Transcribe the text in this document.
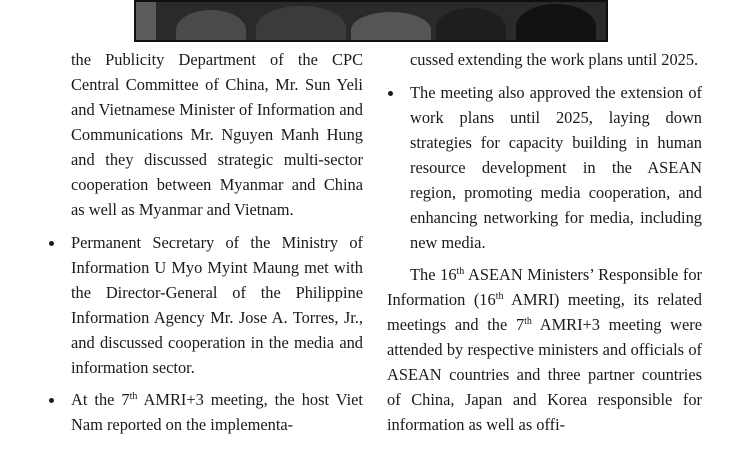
the Publicity Department of the CPC Central Committee of China, Mr. Sun Yeli and Vietnamese Minister of Information and Communications Mr. Nguyen Manh Hung and they discussed strategic multi-sector cooperation between Myanmar and China as well as Myanmar and Vietnam.

Permanent Secretary of the Ministry of Information U Myo Myint Maung met with the Director-General of the Philippine Information Agency Mr. Jose A. Torres, Jr., and discussed cooperation in the media and information sector.
At the 7th AMRI+3 meeting, the host Viet Nam reported on the implementa-

cussed extending the work plans until 2025.

The meeting also approved the extension of work plans until 2025, laying down strategies for capacity building in human resource development in the ASEAN region, promoting media cooperation, and enhancing networking for media, including new media.

The 16th ASEAN Ministers’ Responsible for Information (16th AMRI) meeting, its related meetings and the 7th AMRI+3 meeting were attended by respective ministers and officials of ASEAN countries and three partner countries of China, Japan and Korea responsible for information as well as offi-
